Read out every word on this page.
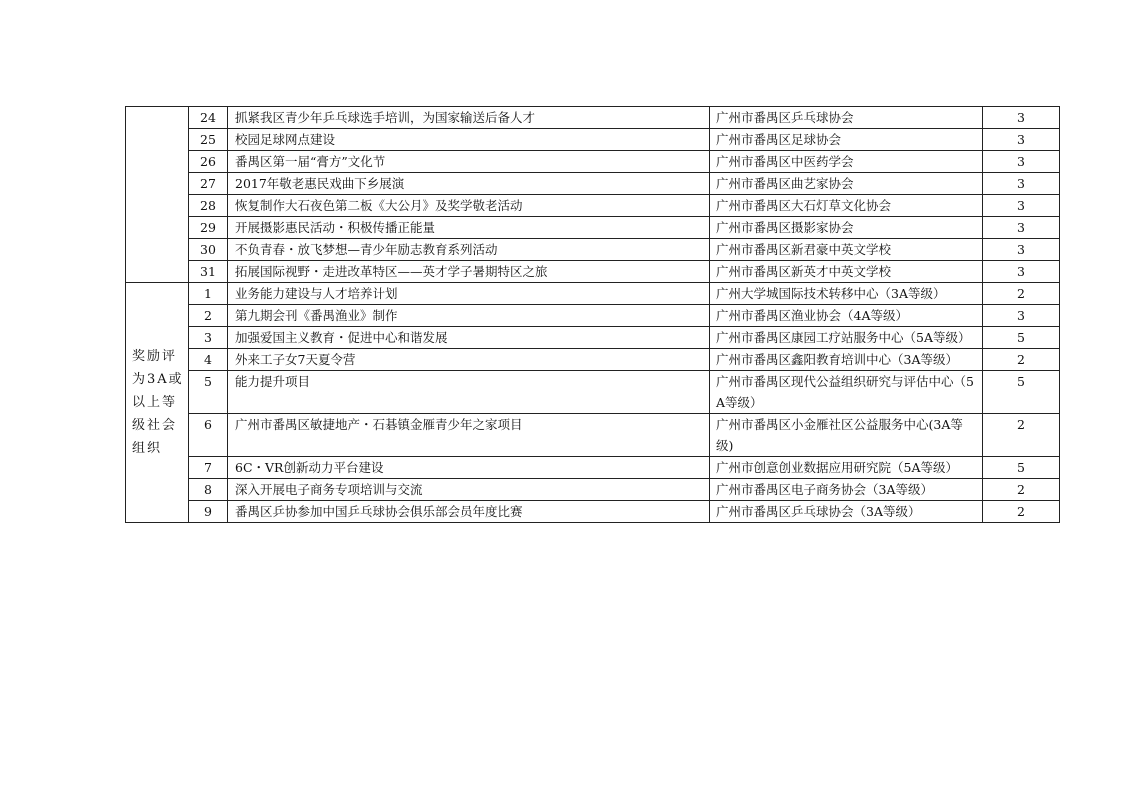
	24	抓紧我区青少年乒乓球选手培训，为国家输送后备人才	广州市番禺区乒乓球协会	3
	25	校园足球网点建设	广州市番禺区足球协会	3
	26	番禺区第一届“膏方”文化节	广州市番禺区中医药学会	3
	27	2017年敬老惠民戏曲下乡展演	广州市番禺区曲艺家协会	3
	28	恢复制作大石夜色第二板《大公月》及奖学敬老活动	广州市番禺区大石灯草文化协会	3
	29	开展摄影惠民活动・积极传播正能量	广州市番禺区摄影家协会	3
	30	不负青春・放飞梦想—青少年励志教育系列活动	广州市番禺区新君豪中英文学校	3
	31	拓展国际视野・走进改革特区——英才学子暑期特区之旅	广州市番禺区新英才中英文学校	3
奖励评为3A或以上等级社会组织	1	业务能力建设与人才培养计划	广州大学城国际技术转移中心（3A等级）	2
	2	第九期会刊《番禺渔业》制作	广州市番禺区渔业协会（4A等级）	3
	3	加强爱国主义教育・促进中心和谐发展	广州市番禺区康园工疗站服务中心（5A等级）	5
	4	外来工子女7天夏令营	广州市番禺区鑫阳教育培训中心（3A等级）	2
	5	能力提升项目	广州市番禺区现代公益组织研究与评估中心（5A等级）	5
	6	广州市番禺区敏捷地产・石碁镇金雁青少年之家项目	广州市番禺区小金雁社区公益服务中心(3A等级)	2
	7	6C・VR创新动力平台建设	广州市创意创业数据应用研究院（5A等级）	5
	8	深入开展电子商务专项培训与交流	广州市番禺区电子商务协会（3A等级）	2
	9	番禺区乒协参加中国乒乓球协会俱乐部会员年度比赛	广州市番禺区乒乓球协会（3A等级）	2
